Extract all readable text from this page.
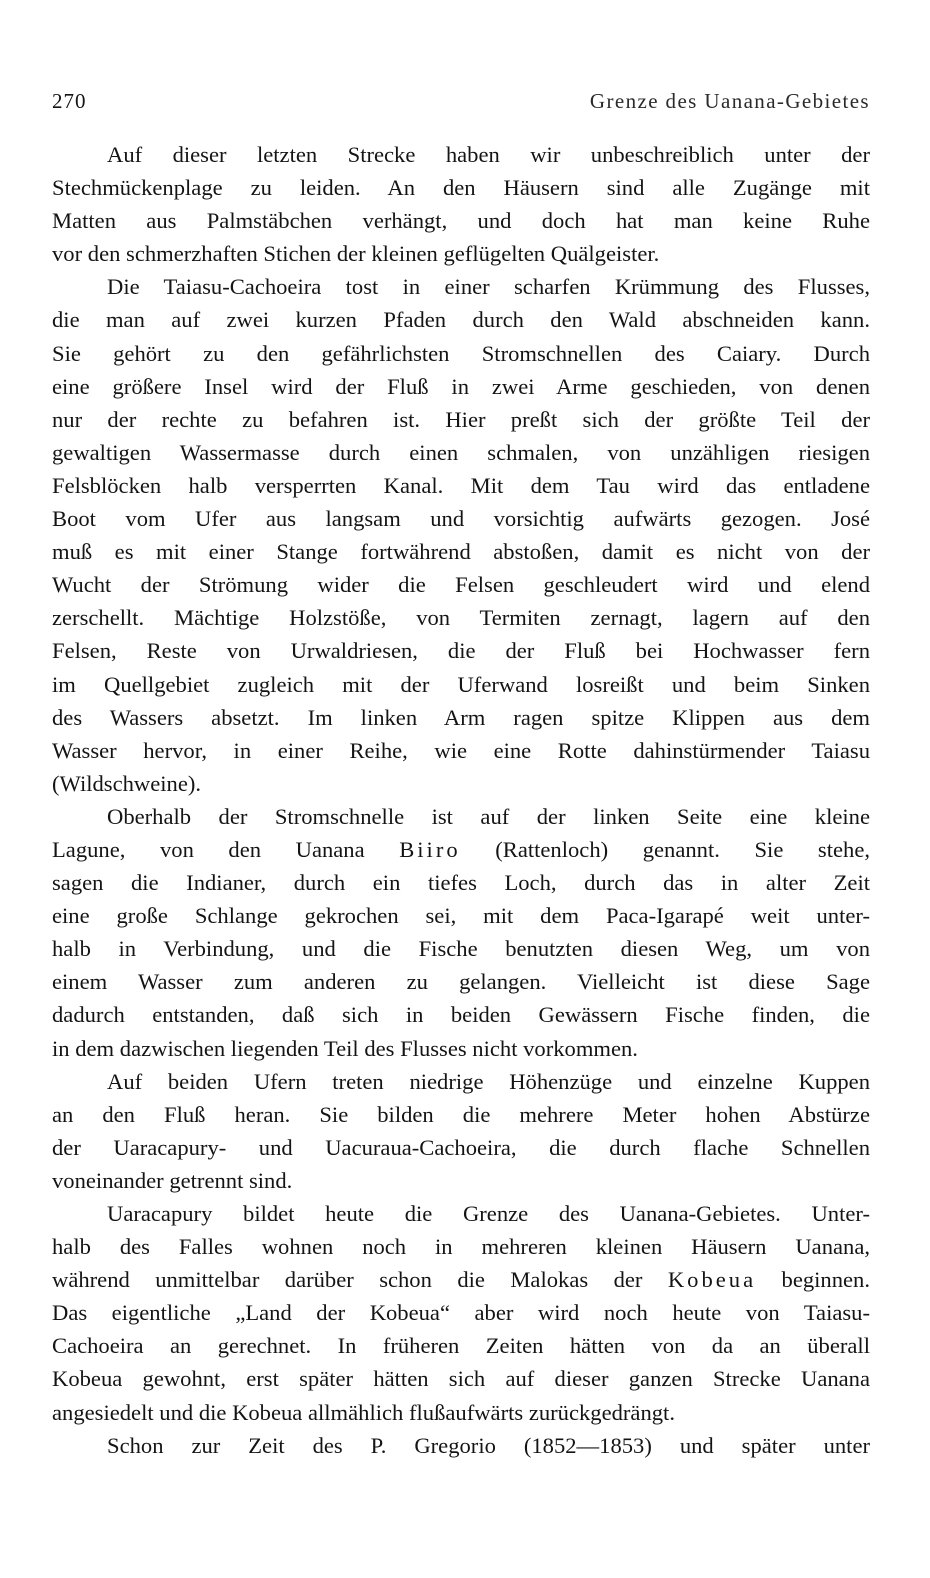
270	Grenze des Uanana-Gebietes
Auf dieser letzten Strecke haben wir unbeschreiblich unter der
Stechmückenplage zu leiden. An den Häusern sind alle Zugänge mit
Matten aus Palmstäbchen verhängt, und doch hat man keine Ruhe
vor den schmerzhaften Stichen der kleinen geflügelten Quälgeister.
Die Taiasu-Cachoeira tost in einer scharfen Krümmung des Flusses,
die man auf zwei kurzen Pfaden durch den Wald abschneiden kann.
Sie gehört zu den gefährlichsten Stromschnellen des Caiary. Durch
eine größere Insel wird der Fluß in zwei Arme geschieden, von denen
nur der rechte zu befahren ist. Hier preßt sich der größte Teil der
gewaltigen Wassermasse durch einen schmalen, von unzähligen riesigen
Felsblöcken halb versperrten Kanal. Mit dem Tau wird das entladene
Boot vom Ufer aus langsam und vorsichtig aufwärts gezogen. José
muß es mit einer Stange fortwährend abstoßen, damit es nicht von der
Wucht der Strömung wider die Felsen geschleudert wird und elend
zerschellt. Mächtige Holzstöße, von Termiten zernagt, lagern auf den
Felsen, Reste von Urwaldriesen, die der Fluß bei Hochwasser fern
im Quellgebiet zugleich mit der Uferwand losreißt und beim Sinken
des Wassers absetzt. Im linken Arm ragen spitze Klippen aus dem
Wasser hervor, in einer Reihe, wie eine Rotte dahinstürmender Taiasu
(Wildschweine).
Oberhalb der Stromschnelle ist auf der linken Seite eine kleine
Lagune, von den Uanana Biiro (Rattenloch) genannt. Sie stehe,
sagen die Indianer, durch ein tiefes Loch, durch das in alter Zeit
eine große Schlange gekrochen sei, mit dem Paca-Igarapé weit unter-
halb in Verbindung, und die Fische benutzten diesen Weg, um von
einem Wasser zum anderen zu gelangen. Vielleicht ist diese Sage
dadurch entstanden, daß sich in beiden Gewässern Fische finden, die
in dem dazwischen liegenden Teil des Flusses nicht vorkommen.
Auf beiden Ufern treten niedrige Höhenzüge und einzelne Kuppen
an den Fluß heran. Sie bilden die mehrere Meter hohen Abstürze
der Uaracapury- und Uacuraua-Cachoeira, die durch flache Schnellen
voneinander getrennt sind.
Uaracapury bildet heute die Grenze des Uanana-Gebietes. Unter-
halb des Falles wohnen noch in mehreren kleinen Häusern Uanana,
während unmittelbar darüber schon die Malokas der Kobeua beginnen.
Das eigentliche „Land der Kobeua“ aber wird noch heute von Taiasu-
Cachoeira an gerechnet. In früheren Zeiten hätten von da an überall
Kobeua gewohnt, erst später hätten sich auf dieser ganzen Strecke Uanana
angesiedelt und die Kobeua allmählich flußaufwärts zurückgedrängt.
Schon zur Zeit des P. Gregorio (1852—1853) und später unter
